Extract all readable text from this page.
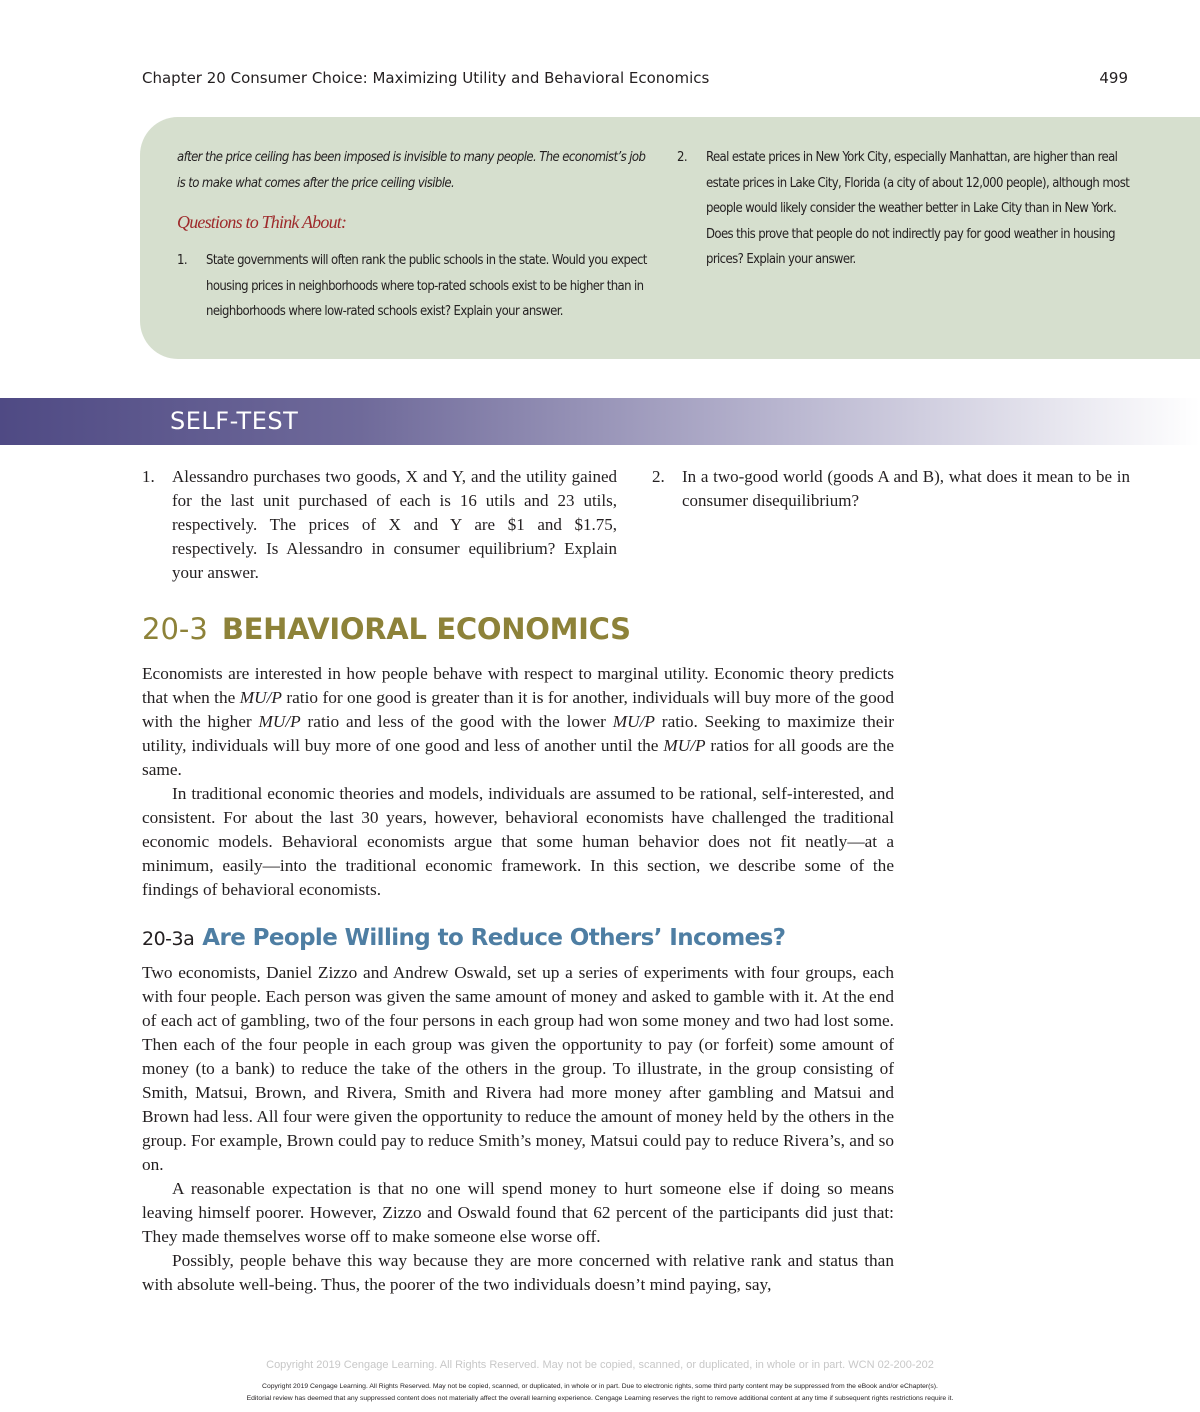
Chapter 20 Consumer Choice: Maximizing Utility and Behavioral Economics	499
after the price ceiling has been imposed is invisible to many people. The economist’s job is to make what comes after the price ceiling visible.
Questions to Think About:
1.	State governments will often rank the public schools in the state. Would you expect housing prices in neighborhoods where top-rated schools exist to be higher than in neighborhoods where low-rated schools exist? Explain your answer.
2.	Real estate prices in New York City, especially Manhattan, are higher than real estate prices in Lake City, Florida (a city of about 12,000 people), although most people would likely consider the weather better in Lake City than in New York. Does this prove that people do not indirectly pay for good weather in housing prices? Explain your answer.
SELF-TEST
1. Alessandro purchases two goods, X and Y, and the utility gained for the last unit purchased of each is 16 utils and 23 utils, respectively. The prices of X and Y are $1 and $1.75, respectively. Is Alessandro in consumer equilibrium? Explain your answer.
2. In a two-good world (goods A and B), what does it mean to be in consumer disequilibrium?
20-3 BEHAVIORAL ECONOMICS

Economists are interested in how people behave with respect to marginal utility. Economic theory predicts that when the MU/P ratio for one good is greater than it is for another, individuals will buy more of the good with the higher MU/P ratio and less of the good with the lower MU/P ratio. Seeking to maximize their utility, individuals will buy more of one good and less of another until the MU/P ratios for all goods are the same.

In traditional economic theories and models, individuals are assumed to be rational, self-interested, and consistent. For about the last 30 years, however, behavioral economists have challenged the traditional economic models. Behavioral economists argue that some human behavior does not fit neatly—at a minimum, easily—into the traditional economic framework. In this section, we describe some of the findings of behavioral economists.

20-3a Are People Willing to Reduce Others’ Incomes?

Two economists, Daniel Zizzo and Andrew Oswald, set up a series of experiments with four groups, each with four people. Each person was given the same amount of money and asked to gamble with it. At the end of each act of gambling, two of the four persons in each group had won some money and two had lost some. Then each of the four people in each group was given the opportunity to pay (or forfeit) some amount of money (to a bank) to reduce the take of the others in the group. To illustrate, in the group consisting of Smith, Matsui, Brown, and Rivera, Smith and Rivera had more money after gambling and Matsui and Brown had less. All four were given the opportunity to reduce the amount of money held by the others in the group. For example, Brown could pay to reduce Smith’s money, Matsui could pay to reduce Rivera’s, and so on.

A reasonable expectation is that no one will spend money to hurt someone else if doing so means leaving himself poorer. However, Zizzo and Oswald found that 62 percent of the participants did just that: They made themselves worse off to make someone else worse off.

Possibly, people behave this way because they are more concerned with relative rank and status than with absolute well-being. Thus, the poorer of the two individuals doesn’t mind paying, say,

Copyright 2019 Cengage Learning. All Rights Reserved. May not be copied, scanned, or duplicated, in whole or in part. WCN 02-200-202
Copyright 2019 Cengage Learning. All Rights Reserved. May not be copied, scanned, or duplicated, in whole or in part. Due to electronic rights, some third party content may be suppressed from the eBook and/or eChapter(s).
Editorial review has deemed that any suppressed content does not materially affect the overall learning experience. Cengage Learning reserves the right to remove additional content at any time if subsequent rights restrictions require it.
